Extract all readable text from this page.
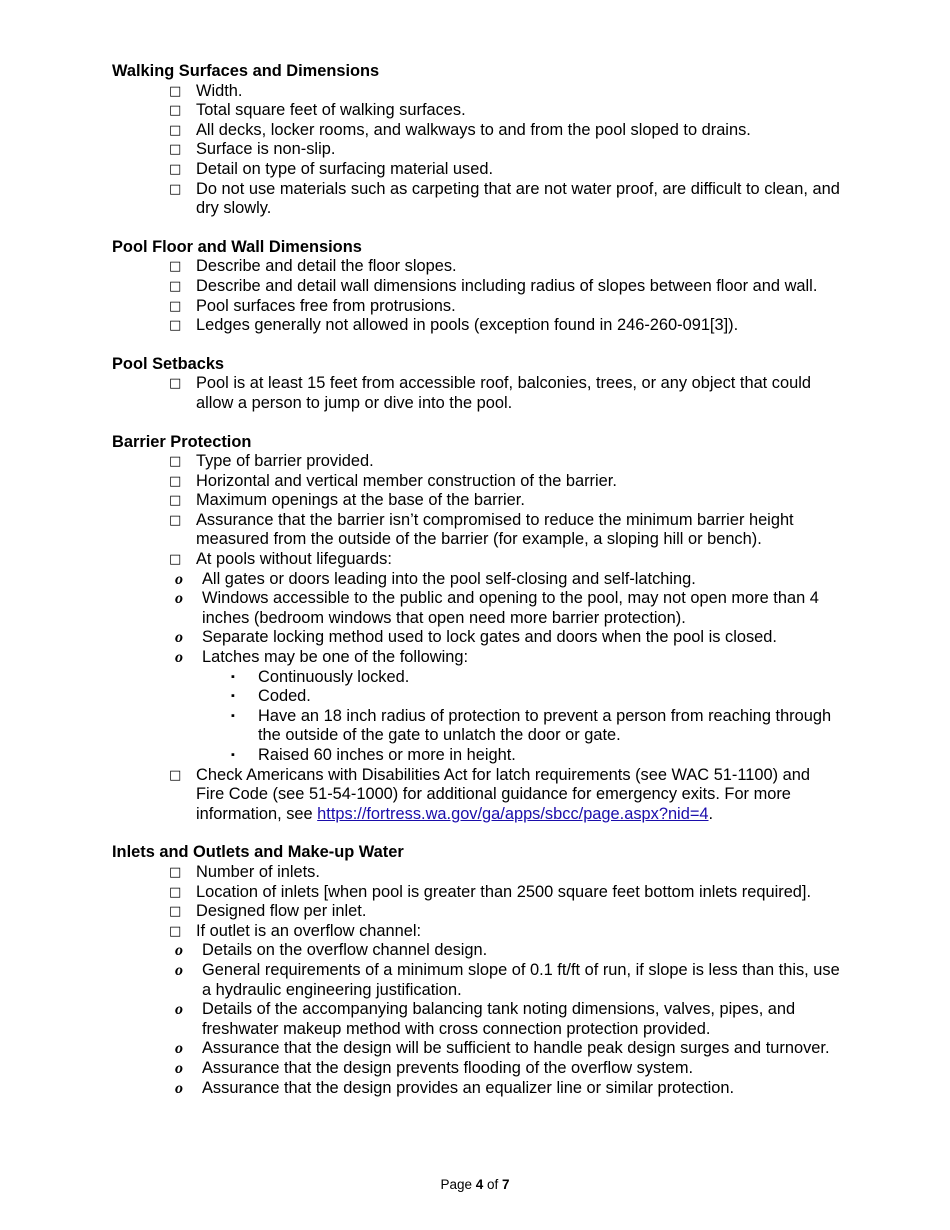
Walking Surfaces and Dimensions

□ Width.
□ Total square feet of walking surfaces.
□ All decks, locker rooms, and walkways to and from the pool sloped to drains.
□ Surface is non-slip.
□ Detail on type of surfacing material used.
□ Do not use materials such as carpeting that are not water proof, are difficult to clean, and dry slowly.

Pool Floor and Wall Dimensions

□ Describe and detail the floor slopes.
□ Describe and detail wall dimensions including radius of slopes between floor and wall.
□ Pool surfaces free from protrusions.
□ Ledges generally not allowed in pools (exception found in 246-260-091[3]).

Pool Setbacks

□ Pool is at least 15 feet from accessible roof, balconies, trees, or any object that could allow a person to jump or dive into the pool.

Barrier Protection

□ Type of barrier provided.
□ Horizontal and vertical member construction of the barrier.
□ Maximum openings at the base of the barrier.
□ Assurance that the barrier isn’t compromised to reduce the minimum barrier height measured from the outside of the barrier (for example, a sloping hill or bench).
□ At pools without lifeguards:
o All gates or doors leading into the pool self-closing and self-latching.
o Windows accessible to the public and opening to the pool, may not open more than 4 inches (bedroom windows that open need more barrier protection).
o Separate locking method used to lock gates and doors when the pool is closed.
o Latches may be one of the following:
▪ Continuously locked.
▪ Coded.
▪ Have an 18 inch radius of protection to prevent a person from reaching through the outside of the gate to unlatch the door or gate.
▪ Raised 60 inches or more in height.
□ Check Americans with Disabilities Act for latch requirements (see WAC 51-1100) and Fire Code (see 51-54-1000) for additional guidance for emergency exits. For more information, see https://fortress.wa.gov/ga/apps/sbcc/page.aspx?nid=4.

Inlets and Outlets and Make-up Water

□ Number of inlets.
□ Location of inlets [when pool is greater than 2500 square feet bottom inlets required].
□ Designed flow per inlet.
□ If outlet is an overflow channel:
o Details on the overflow channel design.
o General requirements of a minimum slope of 0.1 ft/ft of run, if slope is less than this, use a hydraulic engineering justification.
o Details of the accompanying balancing tank noting dimensions, valves, pipes, and freshwater makeup method with cross connection protection provided.
o Assurance that the design will be sufficient to handle peak design surges and turnover.
o Assurance that the design prevents flooding of the overflow system.
o Assurance that the design provides an equalizer line or similar protection.
Page 4 of 7
